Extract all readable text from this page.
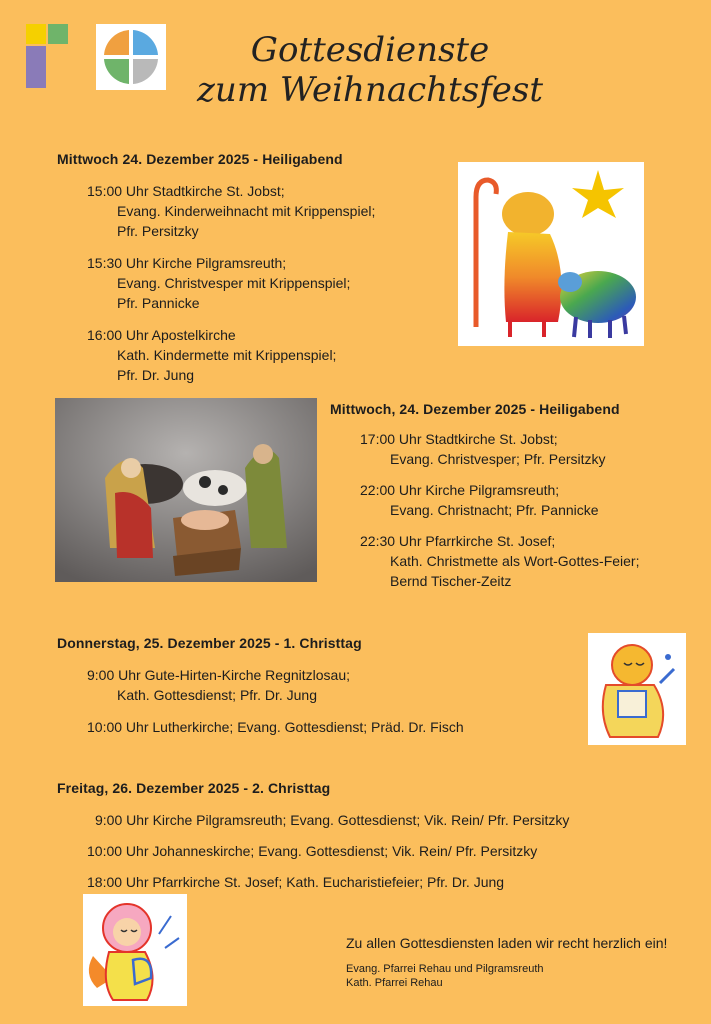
Gottesdienste
zum Weihnachtsfest
Mittwoch 24. Dezember 2025 - Heiligabend
15:00 Uhr Stadtkirche St. Jobst;
Evang. Kinderweihnacht mit Krippenspiel;
Pfr. Persitzky
15:30 Uhr Kirche Pilgramsreuth;
Evang. Christvesper mit Krippenspiel;
Pfr. Pannicke
16:00 Uhr Apostelkirche
Kath. Kindermette mit Krippenspiel;
Pfr. Dr. Jung
Mittwoch, 24. Dezember 2025 - Heiligabend
17:00 Uhr Stadtkirche St. Jobst;
Evang. Christvesper; Pfr. Persitzky
22:00 Uhr Kirche Pilgramsreuth;
Evang. Christnacht; Pfr. Pannicke
22:30 Uhr Pfarrkirche St. Josef;
Kath. Christmette als Wort-Gottes-Feier;
Bernd Tischer-Zeitz
Donnerstag, 25. Dezember 2025 - 1. Christtag
9:00 Uhr Gute-Hirten-Kirche Regnitzlosau;
Kath. Gottesdienst; Pfr. Dr. Jung
10:00 Uhr Lutherkirche; Evang. Gottesdienst; Präd. Dr. Fisch
Freitag, 26. Dezember 2025 - 2. Christtag
9:00 Uhr Kirche Pilgramsreuth; Evang. Gottesdienst; Vik. Rein/ Pfr. Persitzky
10:00 Uhr Johanneskirche; Evang. Gottesdienst; Vik. Rein/ Pfr. Persitzky
18:00 Uhr Pfarrkirche St. Josef; Kath. Eucharistiefeier; Pfr. Dr. Jung
Zu allen Gottesdiensten laden wir recht herzlich ein!
Evang. Pfarrei Rehau und Pilgramsreuth
Kath. Pfarrei Rehau
